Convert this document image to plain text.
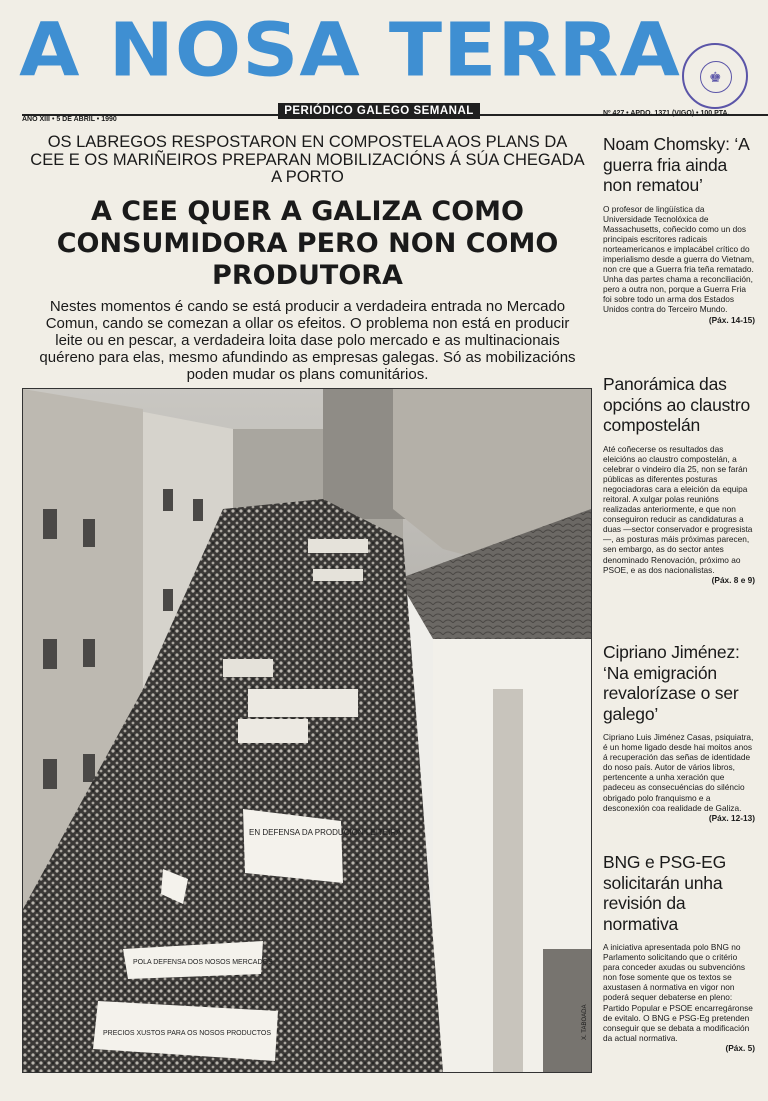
A NOSA TERRA	♚
PERIÓDICO GALEGO SEMANAL
ANO XIII • 5 DE ABRIL • 1990
Nº 427 • APDO. 1371 (VIGO) • 100 PTA.
OS LABREGOS RESPOSTARON EN COMPOSTELA AOS PLANS DA CEE E OS MARIÑEIROS PREPARAN MOBILIZACIÓNS Á SÚA CHEGADA A PORTO
A CEE QUER A GALIZA COMO CONSUMIDORA PERO NON COMO PRODUTORA
Nestes momentos é cando se está producir a verdadeira entrada no Mercado Comun, cando se comezan a ollar os efeitos. O problema non está en producir leite ou en pescar, a verdadeira loita dase polo mercado e as multinacionais quéreno para elas, mesmo afundindo as empresas galegas. Só as mobilizacións poden mudar os plans comunitários.
EN DEFENSA DA PRODUCION LEITEIRA
POLA DEFENSA DOS NOSOS MERCADOS
PRECIOS XUSTOS PARA OS NOSOS PRODUCTOS	X. TABOADA
Noam Chomsky: ‘A guerra fria ainda non rematou’

O profesor de lingüística da Universidade Tecnolóxica de Massachusetts, coñecido como un dos principais escritores radicais norteamericanos e implacábel crítico do imperialismo desde a guerra do Vietnam, non cre que a Guerra fria teña rematado. Unha das partes chama a reconciliación, pero a outra non, porque a Guerra Fria foi sobre todo un arma dos Estados Unidos contra do Terceiro Mundo.

(Páx. 14-15)
Panorámica das opcións ao claustro compostelán

Até coñecerse os resultados das eleicións ao claustro compostelán, a celebrar o vindeiro día 25, non se farán públicas as diferentes posturas negociadoras cara a eleición da equipa reitoral. A xulgar polas reunións realizadas anteriormente, e que non conseguiron reducir as candidaturas a duas —sector conservador e progresista—, as posturas máis próximas parecen, sen embargo, as do sector antes denominado Renovación, próximo ao PSOE, e as dos nacionalistas.

(Páx. 8 e 9)
Cipriano Jiménez: ‘Na emigración revalorízase o ser galego’

Cipriano Luis Jiménez Casas, psiquiatra, é un home ligado desde hai moitos anos á recuperación das señas de identidade do noso país. Autor de vários libros, pertencente a unha xeración que padeceu as consecuéncias do siléncio obrigado polo franquismo e a desconexión coa realidade de Galiza.

(Páx. 12-13)
BNG e PSG-EG solicitarán unha revisión da normativa

A iniciativa apresentada polo BNG no Parlamento solicitando que o critério para conceder axudas ou subvencións non fose somente que os textos se axustasen á normativa en vigor non poderá sequer debaterse en pleno: Partido Popular e PSOE encarregáronse de evitalo. O BNG e PSG-Eg pretenden conseguir que se debata a modificación da actual normativa.

(Páx. 5)
